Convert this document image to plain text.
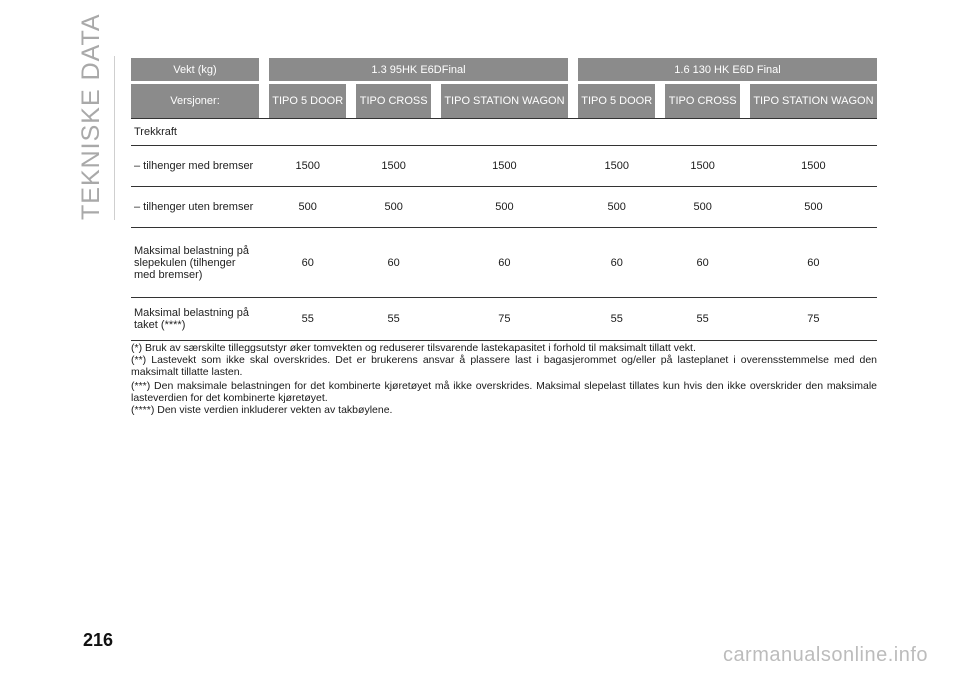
TEKNISKE DATA	Vekt (kg)		1.3 95HK E6DFinal						1.6 130 HK E6D Final				
Versjoner:		TIPO 5 DOOR		TIPO CROSS		TIPO STATION WAGON		TIPO 5 DOOR		TIPO CROSS		TIPO STATION WAGON
Trekkraft												
– tilhenger med bremser		1500		1500		1500		1500		1500		1500
– tilhenger uten bremser		500		500		500		500		500		500
Maksimal belastning på slepekulen (tilhenger med bremser)		60		60		60		60		60		60
Maksimal belastning på taket (****)		55		55		75		55		55		75

(*) Bruk av særskilte tilleggsutstyr øker tomvekten og reduserer tilsvarende lastekapasitet i forhold til maksimalt tillatt vekt.

(**) Lastevekt som ikke skal overskrides. Det er brukerens ansvar å plassere last i bagasjerommet og/eller på lasteplanet i overensstemmelse med den maksimalt tillatte lasten.

(***) Den maksimale belastningen for det kombinerte kjøretøyet må ikke overskrides. Maksimal slepelast tillates kun hvis den ikke overskrider den maksimale lasteverdien for det kombinerte kjøretøyet.

(****) Den viste verdien inkluderer vekten av takbøylene.

216
carmanualsonline.info
